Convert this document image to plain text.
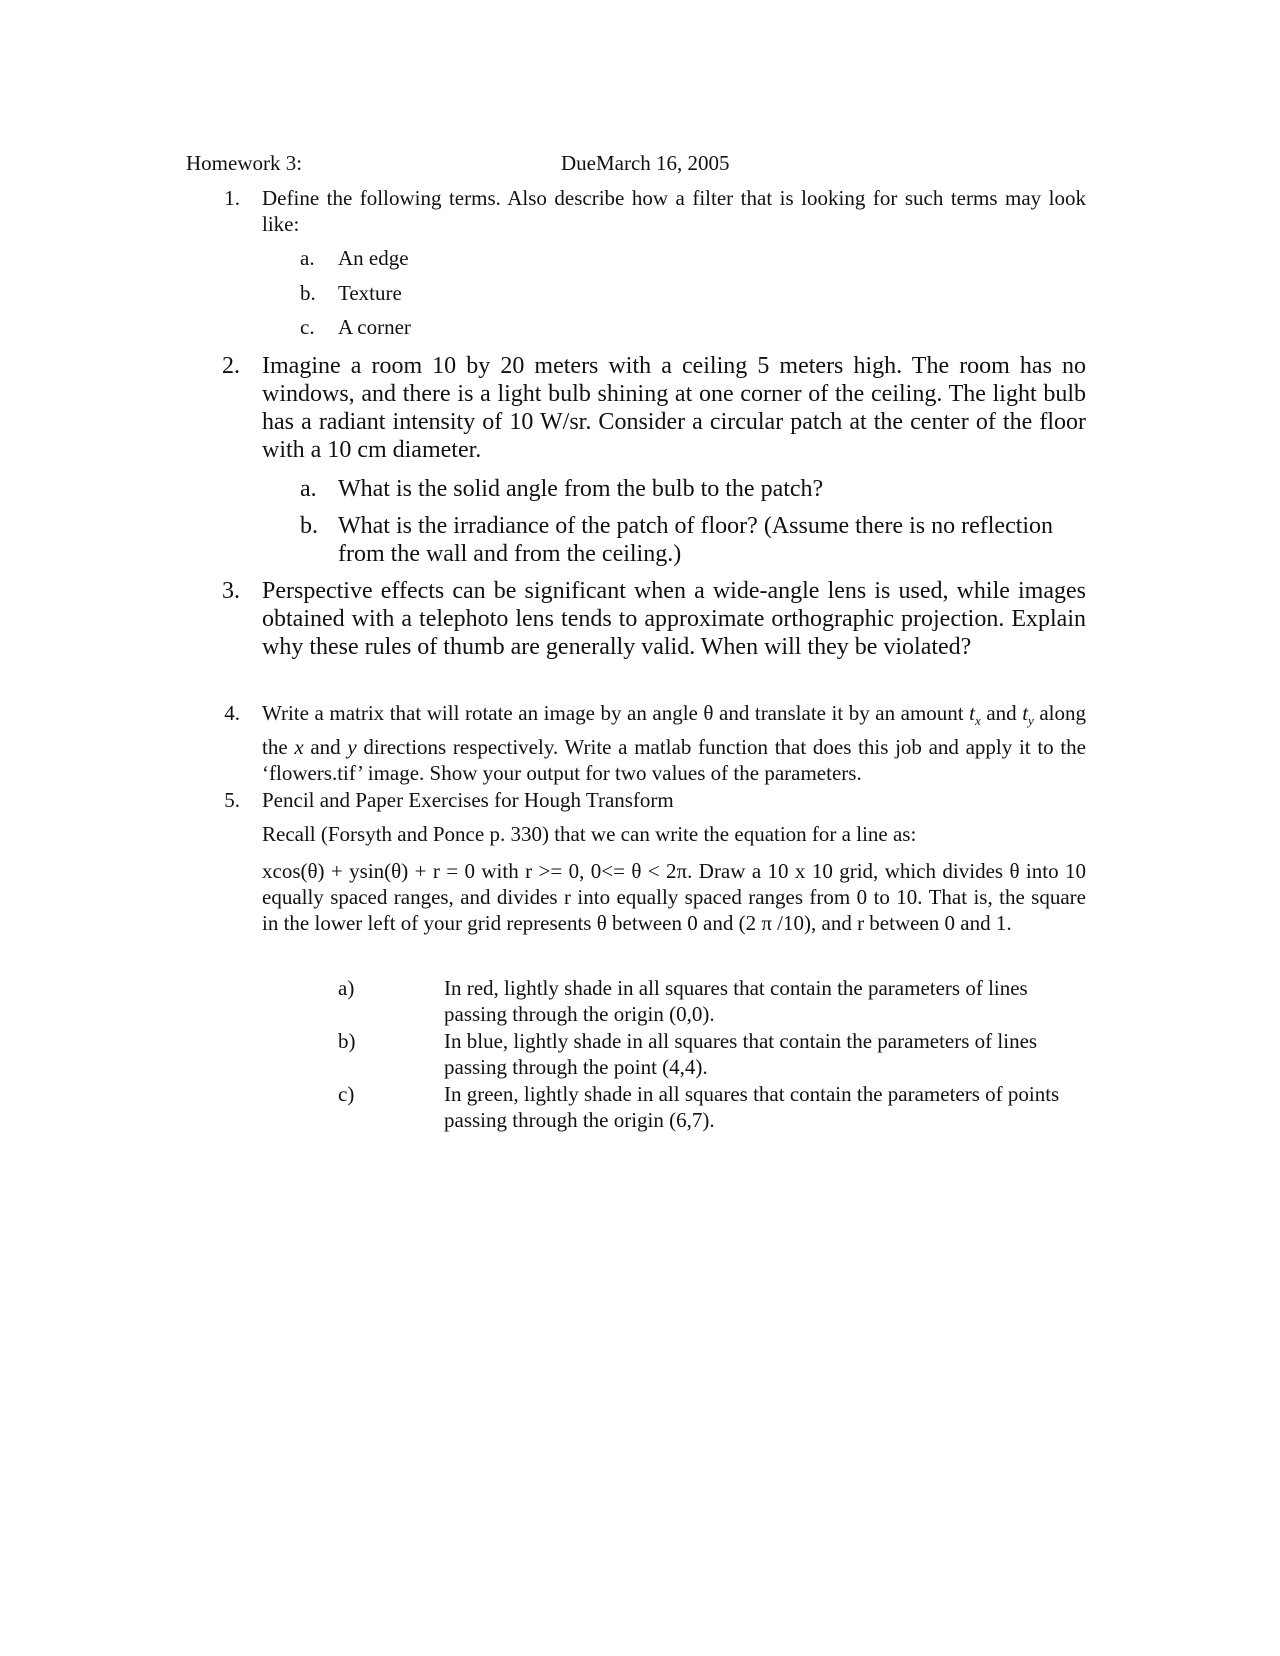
Homework 3:	DueMarch 16, 2005
1. Define the following terms. Also describe how a filter that is looking for such terms may look like:
a.	An edge
b.	Texture
c.	A corner
2. Imagine a room 10 by 20 meters with a ceiling 5 meters high. The room has no windows, and there is a light bulb shining at one corner of the ceiling. The light bulb has a radiant intensity of 10 W/sr. Consider a circular patch at the center of the floor with a 10 cm diameter.
a. What is the solid angle from the bulb to the patch?
b. What is the irradiance of the patch of floor? (Assume there is no reflection from the wall and from the ceiling.)
3. Perspective effects can be significant when a wide-angle lens is used, while images obtained with a telephoto lens tends to approximate orthographic projection. Explain why these rules of thumb are generally valid. When will they be violated?
4. Write a matrix that will rotate an image by an angle θ and translate it by an amount $t_x$ and $t_y$ along the x and y directions respectively. Write a matlab function that does this job and apply it to the ‘flowers.tif’ image. Show your output for two values of the parameters.
5. Pencil and Paper Exercises for Hough Transform
Recall (Forsyth and Ponce p. 330) that we can write the equation for a line as:
xcos(θ) + ysin(θ) + r = 0 with r >= 0, 0<= θ < 2π. Draw a 10 x 10 grid, which divides θ into 10 equally spaced ranges, and divides r into equally spaced ranges from 0 to 10. That is, the square in the lower left of your grid represents θ between 0 and (2 π /10), and r between 0 and 1.
a)	In red, lightly shade in all squares that contain the parameters of lines passing through the origin (0,0).
b)	In blue, lightly shade in all squares that contain the parameters of lines passing through the point (4,4).
c)	In green, lightly shade in all squares that contain the parameters of points passing through the origin (6,7).
